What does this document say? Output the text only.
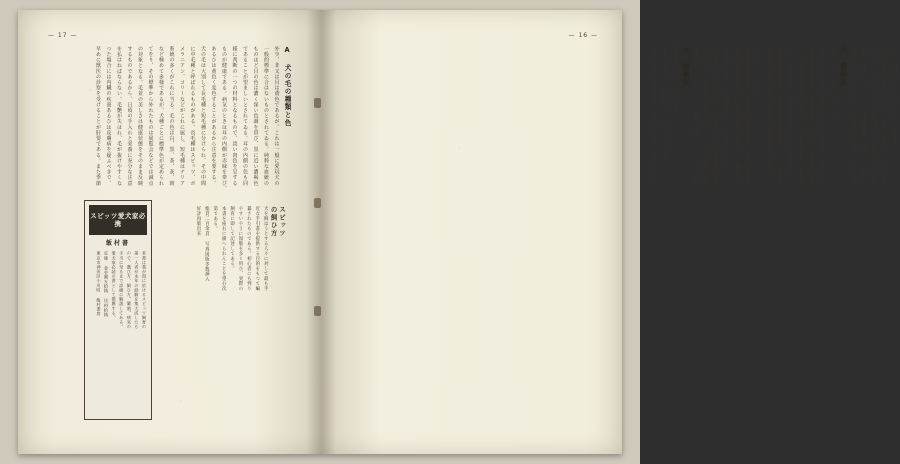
— 17 —
A 犬の毛の種類と色
外少、非又は目は鳶色であるが、これは一般に愛玩犬の
一般的標準に合はないものとされてゐる。純粋な血統の
ものほど目の色は濃く深い色調を帯び、黒に近い濃褐色
であることが望ましいとされてゐる。耳の内側の色も同
様に判断の一つの材料となるもので、淡い肉色を呈する
ものが健康である。病気のときは耳の内側が赤味を帯び、
あるひは黄色く変色することがあるから注意を要する。
犬の毛は大別して長毛種と短毛種に分けられ、その中間
に中毛種と呼ばれるものがある。長毛種はスピッツ、ポ
メラニアン、コリーなどがこれに属し、短毛種はテリア
系統の多くがこれに当る。毛の色は白、黒、茶、灰、斑
など極めて多様であるが、犬種ごとに標準色が定められ
てをり、その標準から外れたものは展覧会などでは減点
の対象となる。毛並の美しさは健康状態をそのまま反映
するものであるから、日頃の手入れと栄養に充分な注意
を払はねばならない。毛艶が失はれ、毛が抜けやすくな
つた場合には内臓の疾患あるひは皮膚病を疑ふべきで、
早めに獣医の診察を受けることが肝要である。また季節
スピッツ愛犬家必携
飯村書
本書は我が国に於けるスピッツ飼育の
第一人者が永年の経験を集大成したも
ので、選び方、飼ひ方、繁殖、病気の
手当に至るまで詳細に解説してある。
愛犬家必読の書として推薦する。
定価 金壱圓五拾銭 送料拾銭
東京市神田区小川町 飯村書房
スピッツ
の飼ひ方
犬を飼はうとする人々に対して最も手
近な手引書を提供する目的をもつて編
纂されたものである。初心者にも判り
やすいやうに図版を多く用ひ、実際の
飼育に即して記述してある。
本書を座右に備へられんことを望む次
第である。
総頁二百余頁 写真図版多数挿入
好評再版出来
飼つて面白味のある場合が多い。飼養に当つては、まづ
犬舎の設備を整へてやることが第一である。犬舎は風通
しがよく、日当りのよい場所を選び、湿気の多い土地は
絶対に避けねばならない。床は地面より高くし、雨水の
侵入を防ぐやう工夫する。屋根は日光を遮り、かつ雨を
六 栽培果
凌げるものでなければならぬ。
犬舎の大きさは犬の体格に応じて定めるが、あまり狭い
ものは不可である。犬が自由に立ち上り、また横たはる
ことの出来る余裕を持たせることが必要である。敷藁は
しばしば取り替へ、常に清潔を保つやうに心掛ける。
食器は毎回洗浄し、残餌は必ず取り除くこと。不潔な食
器は病気の原因となる。飲料水は新鮮なものを常に与へ
られるやうにしておく。
運動は健康保持の上に極めて重要である。毎日一定の時
刻に戸外に連れ出し、充分に運動させること。運動不足
は肥満を招き、また性質を荒くする原因ともなる。
次に飼料について述べる。犬は肉食に近い雑食性の動物
であるから、動物性蛋白質を主とし、これに穀類、野菜
を適宜配合して与へる。食塩は少量にとどめ、香辛料の
七 飼養室
類は絶対に与へてはならない。
子犬の場合は一日四回乃至五回に分けて少量づつ与へ、
成長に従つて回数を減じ、成犬では朝夕二回とするのが
— 16 —
